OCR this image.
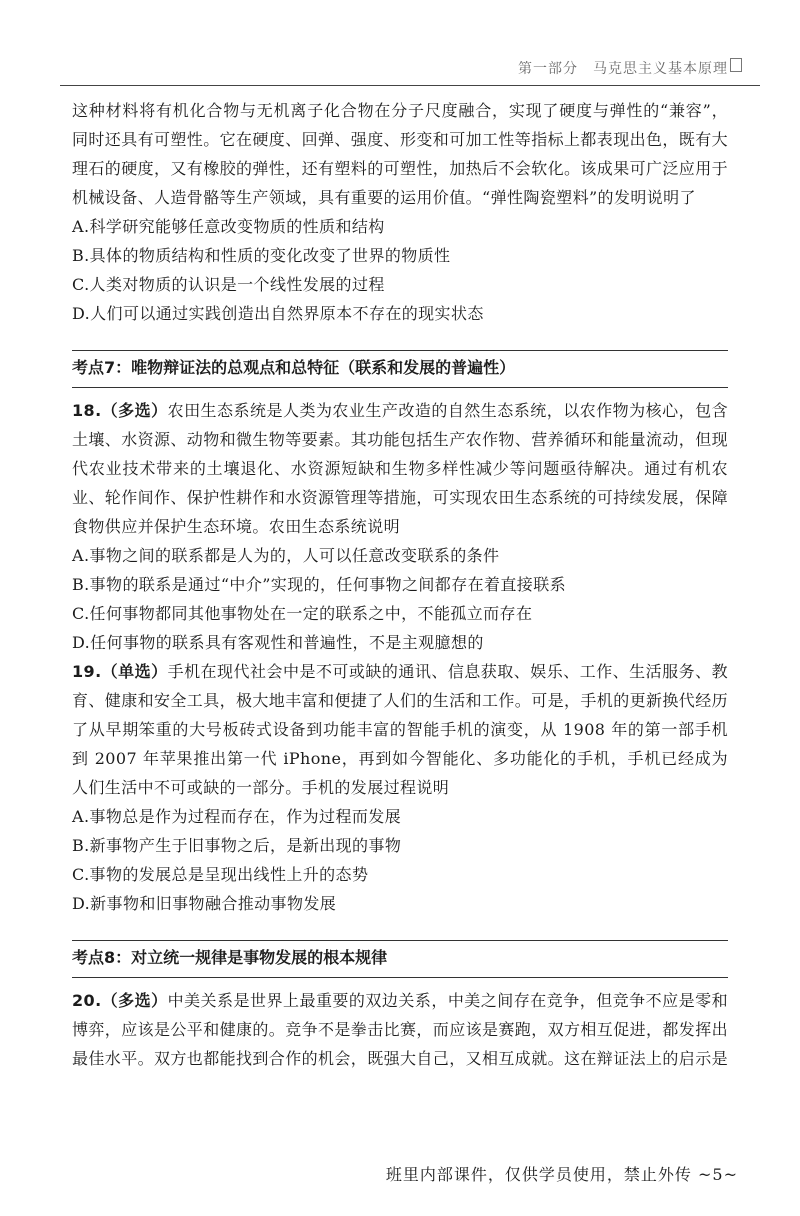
第一部分　马克思主义基本原理

这种材料将有机化合物与无机离子化合物在分子尺度融合，实现了硬度与弹性的“兼容”，同时还具有可塑性。它在硬度、回弹、强度、形变和可加工性等指标上都表现出色，既有大理石的硬度，又有橡胶的弹性，还有塑料的可塑性，加热后不会软化。该成果可广泛应用于机械设备、人造骨骼等生产领域，具有重要的运用价值。“弹性陶瓷塑料”的发明说明了

A.科学研究能够任意改变物质的性质和结构

B.具体的物质结构和性质的变化改变了世界的物质性

C.人类对物质的认识是一个线性发展的过程

D.人们可以通过实践创造出自然界原本不存在的现实状态

考点7：唯物辩证法的总观点和总特征（联系和发展的普遍性）

18.（多选）农田生态系统是人类为农业生产改造的自然生态系统，以农作物为核心，包含土壤、水资源、动物和微生物等要素。其功能包括生产农作物、营养循环和能量流动，但现代农业技术带来的土壤退化、水资源短缺和生物多样性减少等问题亟待解决。通过有机农业、轮作间作、保护性耕作和水资源管理等措施，可实现农田生态系统的可持续发展，保障食物供应并保护生态环境。农田生态系统说明

A.事物之间的联系都是人为的，人可以任意改变联系的条件

B.事物的联系是通过“中介”实现的，任何事物之间都存在着直接联系

C.任何事物都同其他事物处在一定的联系之中，不能孤立而存在

D.任何事物的联系具有客观性和普遍性，不是主观臆想的

19.（单选）手机在现代社会中是不可或缺的通讯、信息获取、娱乐、工作、生活服务、教育、健康和安全工具，极大地丰富和便捷了人们的生活和工作。可是，手机的更新换代经历了从早期笨重的大号板砖式设备到功能丰富的智能手机的演变，从 1908 年的第一部手机到 2007 年苹果推出第一代 iPhone，再到如今智能化、多功能化的手机，手机已经成为人们生活中不可或缺的一部分。手机的发展过程说明

A.事物总是作为过程而存在，作为过程而发展

B.新事物产生于旧事物之后，是新出现的事物

C.事物的发展总是呈现出线性上升的态势

D.新事物和旧事物融合推动事物发展

考点8：对立统一规律是事物发展的根本规律

20.（多选）中美关系是世界上最重要的双边关系，中美之间存在竞争，但竞争不应是零和博弈，应该是公平和健康的。竞争不是拳击比赛，而应该是赛跑，双方相互促进，都发挥出最佳水平。双方也都能找到合作的机会，既强大自己，又相互成就。这在辩证法上的启示是

班里内部课件，仅供学员使用，禁止外传 ~5~
